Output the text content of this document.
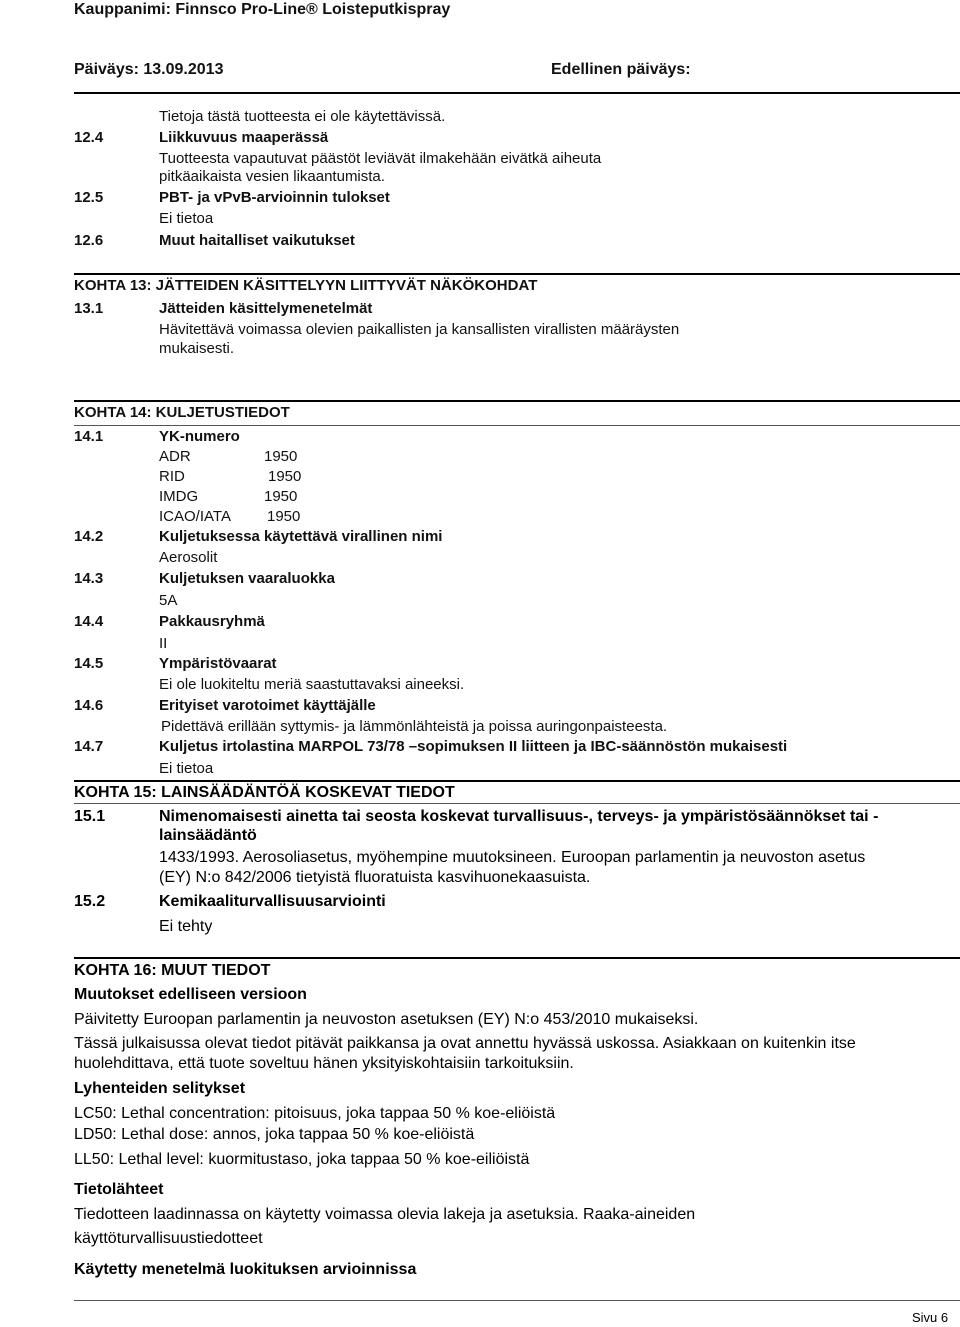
Kauppanimi: Finnsco Pro-Line® Loisteputkispray
Päiväys: 13.09.2013	Edellinen päiväys:
Tietoja tästä tuotteesta ei ole käytettävissä.
12.4	Liikkuvuus maaperässä
Tuotteesta vapautuvat päästöt leviävät ilmakehään eivätkä aiheuta
pitkäaikaista vesien likaantumista.
12.5	PBT- ja vPvB-arvioinnin tulokset
Ei tietoa
12.6	Muut haitalliset vaikutukset
KOHTA 13: JÄTTEIDEN KÄSITTELYYN LIITTYVÄT NÄKÖKOHDAT
13.1	Jätteiden käsittelymenetelmät
Hävitettävä voimassa olevien paikallisten ja kansallisten virallisten määräysten
mukaisesti.
KOHTA 14: KULJETUSTIEDOT
14.1	YK-numero
ADR	1950
RID	1950
IMDG	1950
ICAO/IATA 1950
14.2	Kuljetuksessa käytettävä virallinen nimi
Aerosolit
14.3	Kuljetuksen vaaraluokka
5A
14.4	Pakkausryhmä
II
14.5	Ympäristövaarat
Ei ole luokiteltu meriä saastuttavaksi aineeksi.
14.6	Erityiset varotoimet käyttäjälle
Pidettävä erillään syttymis- ja lämmönlähteistä ja poissa auringonpaisteesta.
14.7	Kuljetus irtolastina MARPOL 73/78 –sopimuksen II liitteen ja IBC-säännöstön mukaisesti
Ei tietoa
KOHTA 15: LAINSÄÄDÄNTÖÄ KOSKEVAT TIEDOT
15.1	Nimenomaisesti ainetta tai seosta koskevat turvallisuus-, terveys- ja ympäristösäännökset tai -
lainsäädäntö
1433/1993. Aerosoliasetus, myöhempine muutoksineen. Euroopan parlamentin ja neuvoston asetus
(EY) N:o 842/2006 tietyistä fluoratuista kasvihuonekaasuista.
15.2	Kemikaaliturvallisuusarviointi
Ei tehty
KOHTA 16: MUUT TIEDOT
Muutokset edelliseen versioon
Päivitetty Euroopan parlamentin ja neuvoston asetuksen (EY) N:o 453/2010 mukaiseksi.
Tässä julkaisussa olevat tiedot pitävät paikkansa ja ovat annettu hyvässä uskossa. Asiakkaan on kuitenkin itse
huolehdittava, että tuote soveltuu hänen yksityiskohtaisiin tarkoituksiin.
Lyhenteiden selitykset
LC50: Lethal concentration: pitoisuus, joka tappaa 50 % koe-eliöistä
LD50: Lethal dose: annos, joka tappaa 50 % koe-eliöistä
LL50: Lethal level: kuormitustaso, joka tappaa 50 % koe-eiliöistä
Tietolähteet
Tiedotteen laadinnassa on käytetty voimassa olevia lakeja ja asetuksia. Raaka-aineiden
käyttöturvallisuustiedotteet
Käytetty menetelmä luokituksen arvioinnissa
Sivu 6
